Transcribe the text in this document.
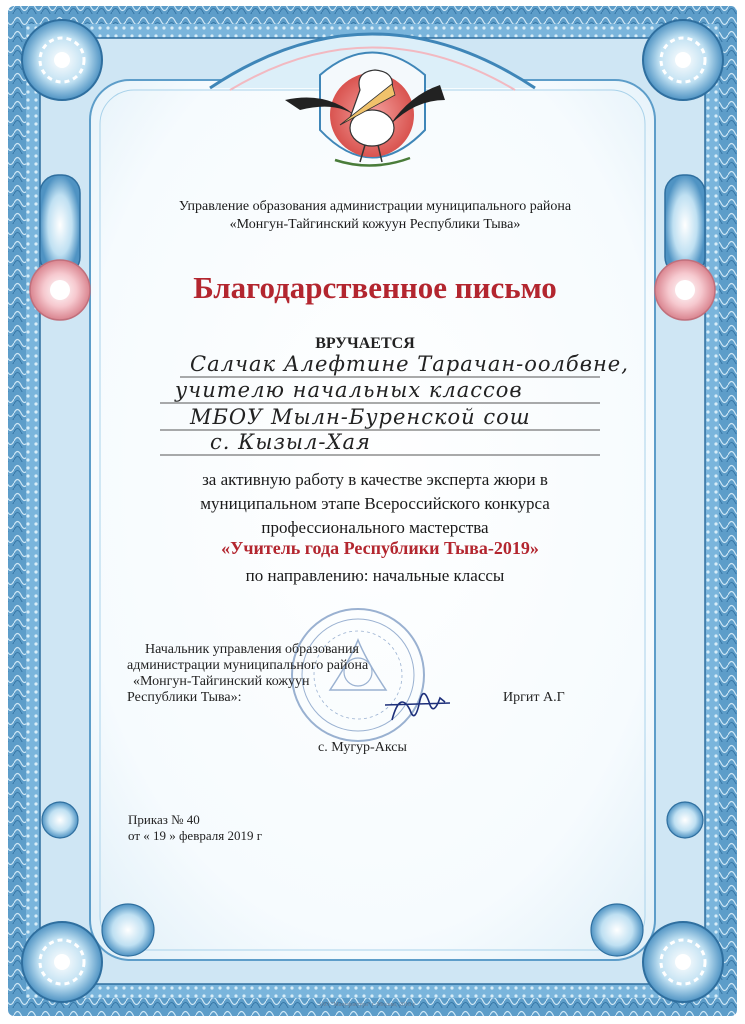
Управление образования администрации муниципального района
«Монгун-Тайгинский кожуун Республики Тыва»
Благодарственное письмо
ВРУЧАЕТСЯ
Салчак Алефтине Тарачан-оолбвне,
учителю начальных классов
МБОУ Мылн-Буренской сош
с. Кызыл-Хая
за активную работу в качестве эксперта жюри в
муниципальном этапе Всероссийского конкурса
профессионального мастерства
«Учитель года Республики Тыва-2019»
по направлению: начальные классы
Начальник управления образования
администрации муниципального района
«Монгун-Тайгинский кожуун
Республики Тыва»:	Иргит А.Г
с. Мугур-Аксы
Приказ № 40
от « 19 » февраля 2019 г
ЗАО "Мануфактура" г. Москва, 2018 г.
